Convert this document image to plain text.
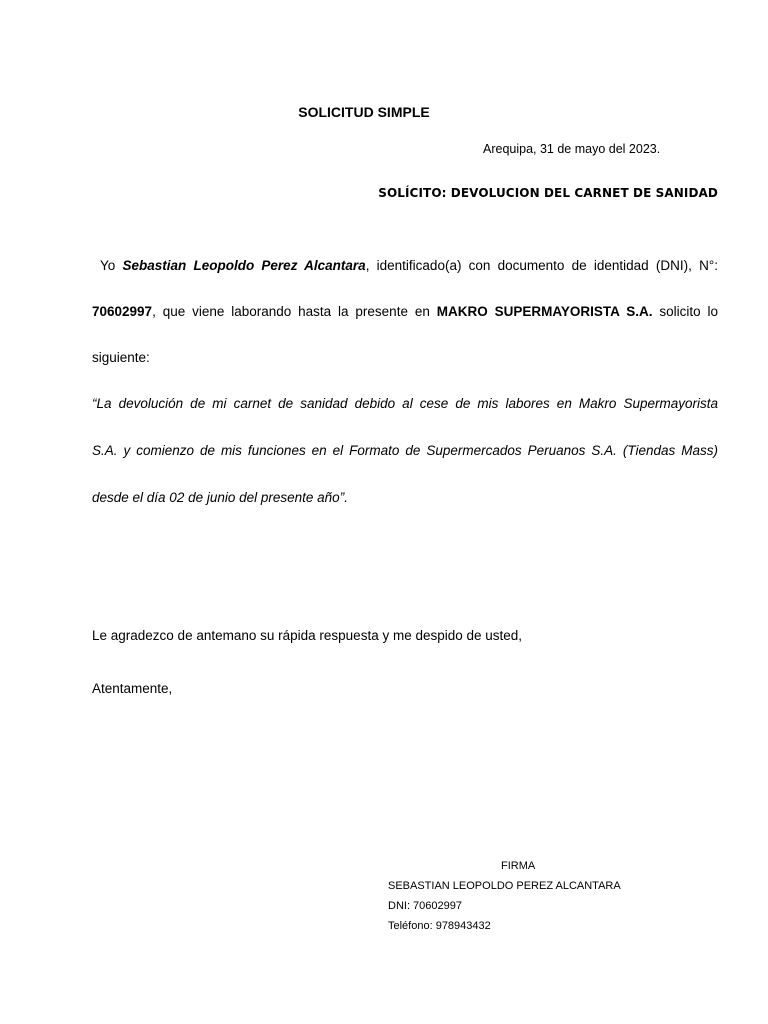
SOLICITUD SIMPLE
Arequipa, 31 de mayo del 2023.
SOLÍCITO: DEVOLUCION DEL CARNET DE SANIDAD
Yo Sebastian Leopoldo Perez Alcantara, identificado(a) con documento de identidad (DNI), N°:
70602997, que viene laborando hasta la presente en MAKRO SUPERMAYORISTA S.A. solicito lo
siguiente:
“La devolución de mi carnet de sanidad debido al cese de mis labores en Makro Supermayorista
S.A. y comienzo de mis funciones en el Formato de Supermercados Peruanos S.A. (Tiendas Mass)
desde el día 02 de junio del presente año”.
Le agradezco de antemano su rápida respuesta y me despido de usted,
Atentamente,
FIRMA
SEBASTIAN LEOPOLDO PEREZ ALCANTARA
DNI: 70602997
Teléfono: 978943432
